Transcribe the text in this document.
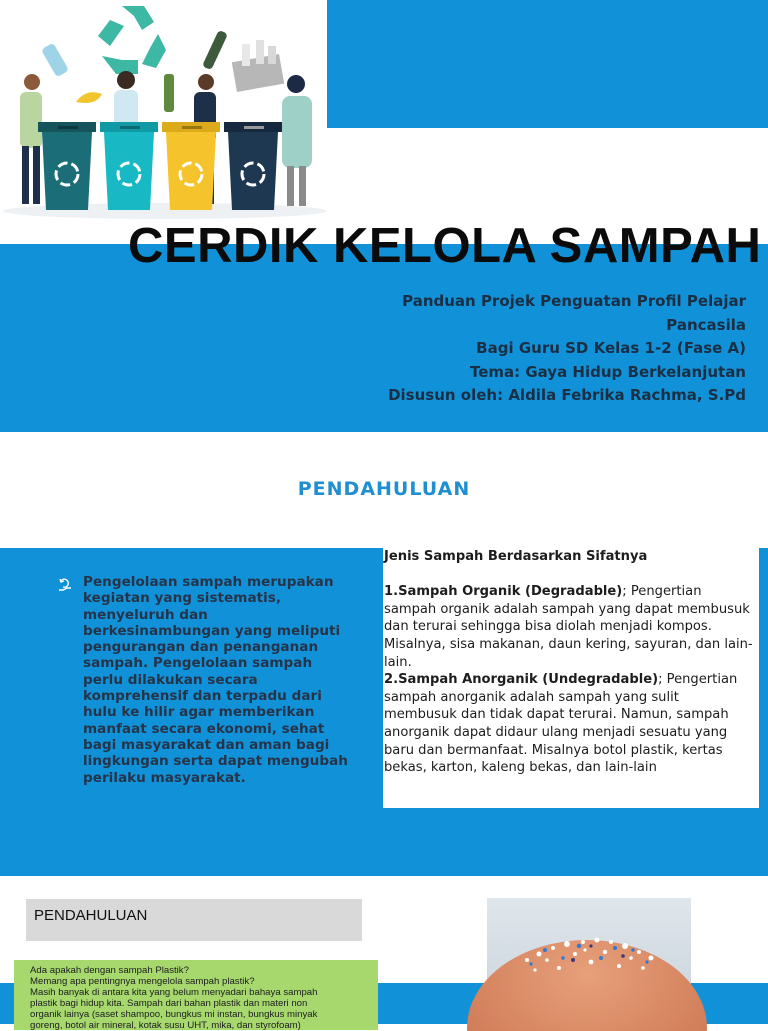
CERDIK KELOLA SAMPAH
Panduan Projek Penguatan Profil Pelajar
Pancasila
Bagi Guru SD Kelas 1-2 (Fase A)
Tema: Gaya Hidup Berkelanjutan
Disusun oleh: Aldila Febrika Rachma, S.Pd
PENDAHULUAN

Pengelolaan sampah merupakan kegiatan yang sistematis, menyeluruh dan berkesinambungan yang meliputi pengurangan dan penanganan sampah. Pengelolaan sampah perlu dilakukan secara komprehensif dan terpadu dari hulu ke hilir agar memberikan manfaat secara ekonomi, sehat bagi masyarakat dan aman bagi lingkungan serta dapat mengubah perilaku masyarakat.

Jenis Sampah Berdasarkan Sifatnya

1.Sampah Organik (Degradable); Pengertian sampah organik adalah sampah yang dapat membusuk dan terurai sehingga bisa diolah menjadi kompos. Misalnya, sisa makanan, daun kering, sayuran, dan lain-lain.

2.Sampah Anorganik (Undegradable); Pengertian sampah anorganik adalah sampah yang sulit membusuk dan tidak dapat terurai. Namun, sampah anorganik dapat didaur ulang menjadi sesuatu yang baru dan bermanfaat. Misalnya botol plastik, kertas bekas, karton, kaleng bekas, dan lain-lain

PENDAHULUAN
Ada apakah dengan sampah Plastik?
Memang apa pentingnya mengelola sampah plastik?
Masih banyak di antara kita yang belum menyadari bahaya sampah
plastik bagi hidup kita. Sampah dari bahan plastik dan materi non
organik lainya (saset shampoo, bungkus mi instan, bungkus minyak
goreng, botol air mineral, kotak susu UHT, mika, dan styrofoam)
